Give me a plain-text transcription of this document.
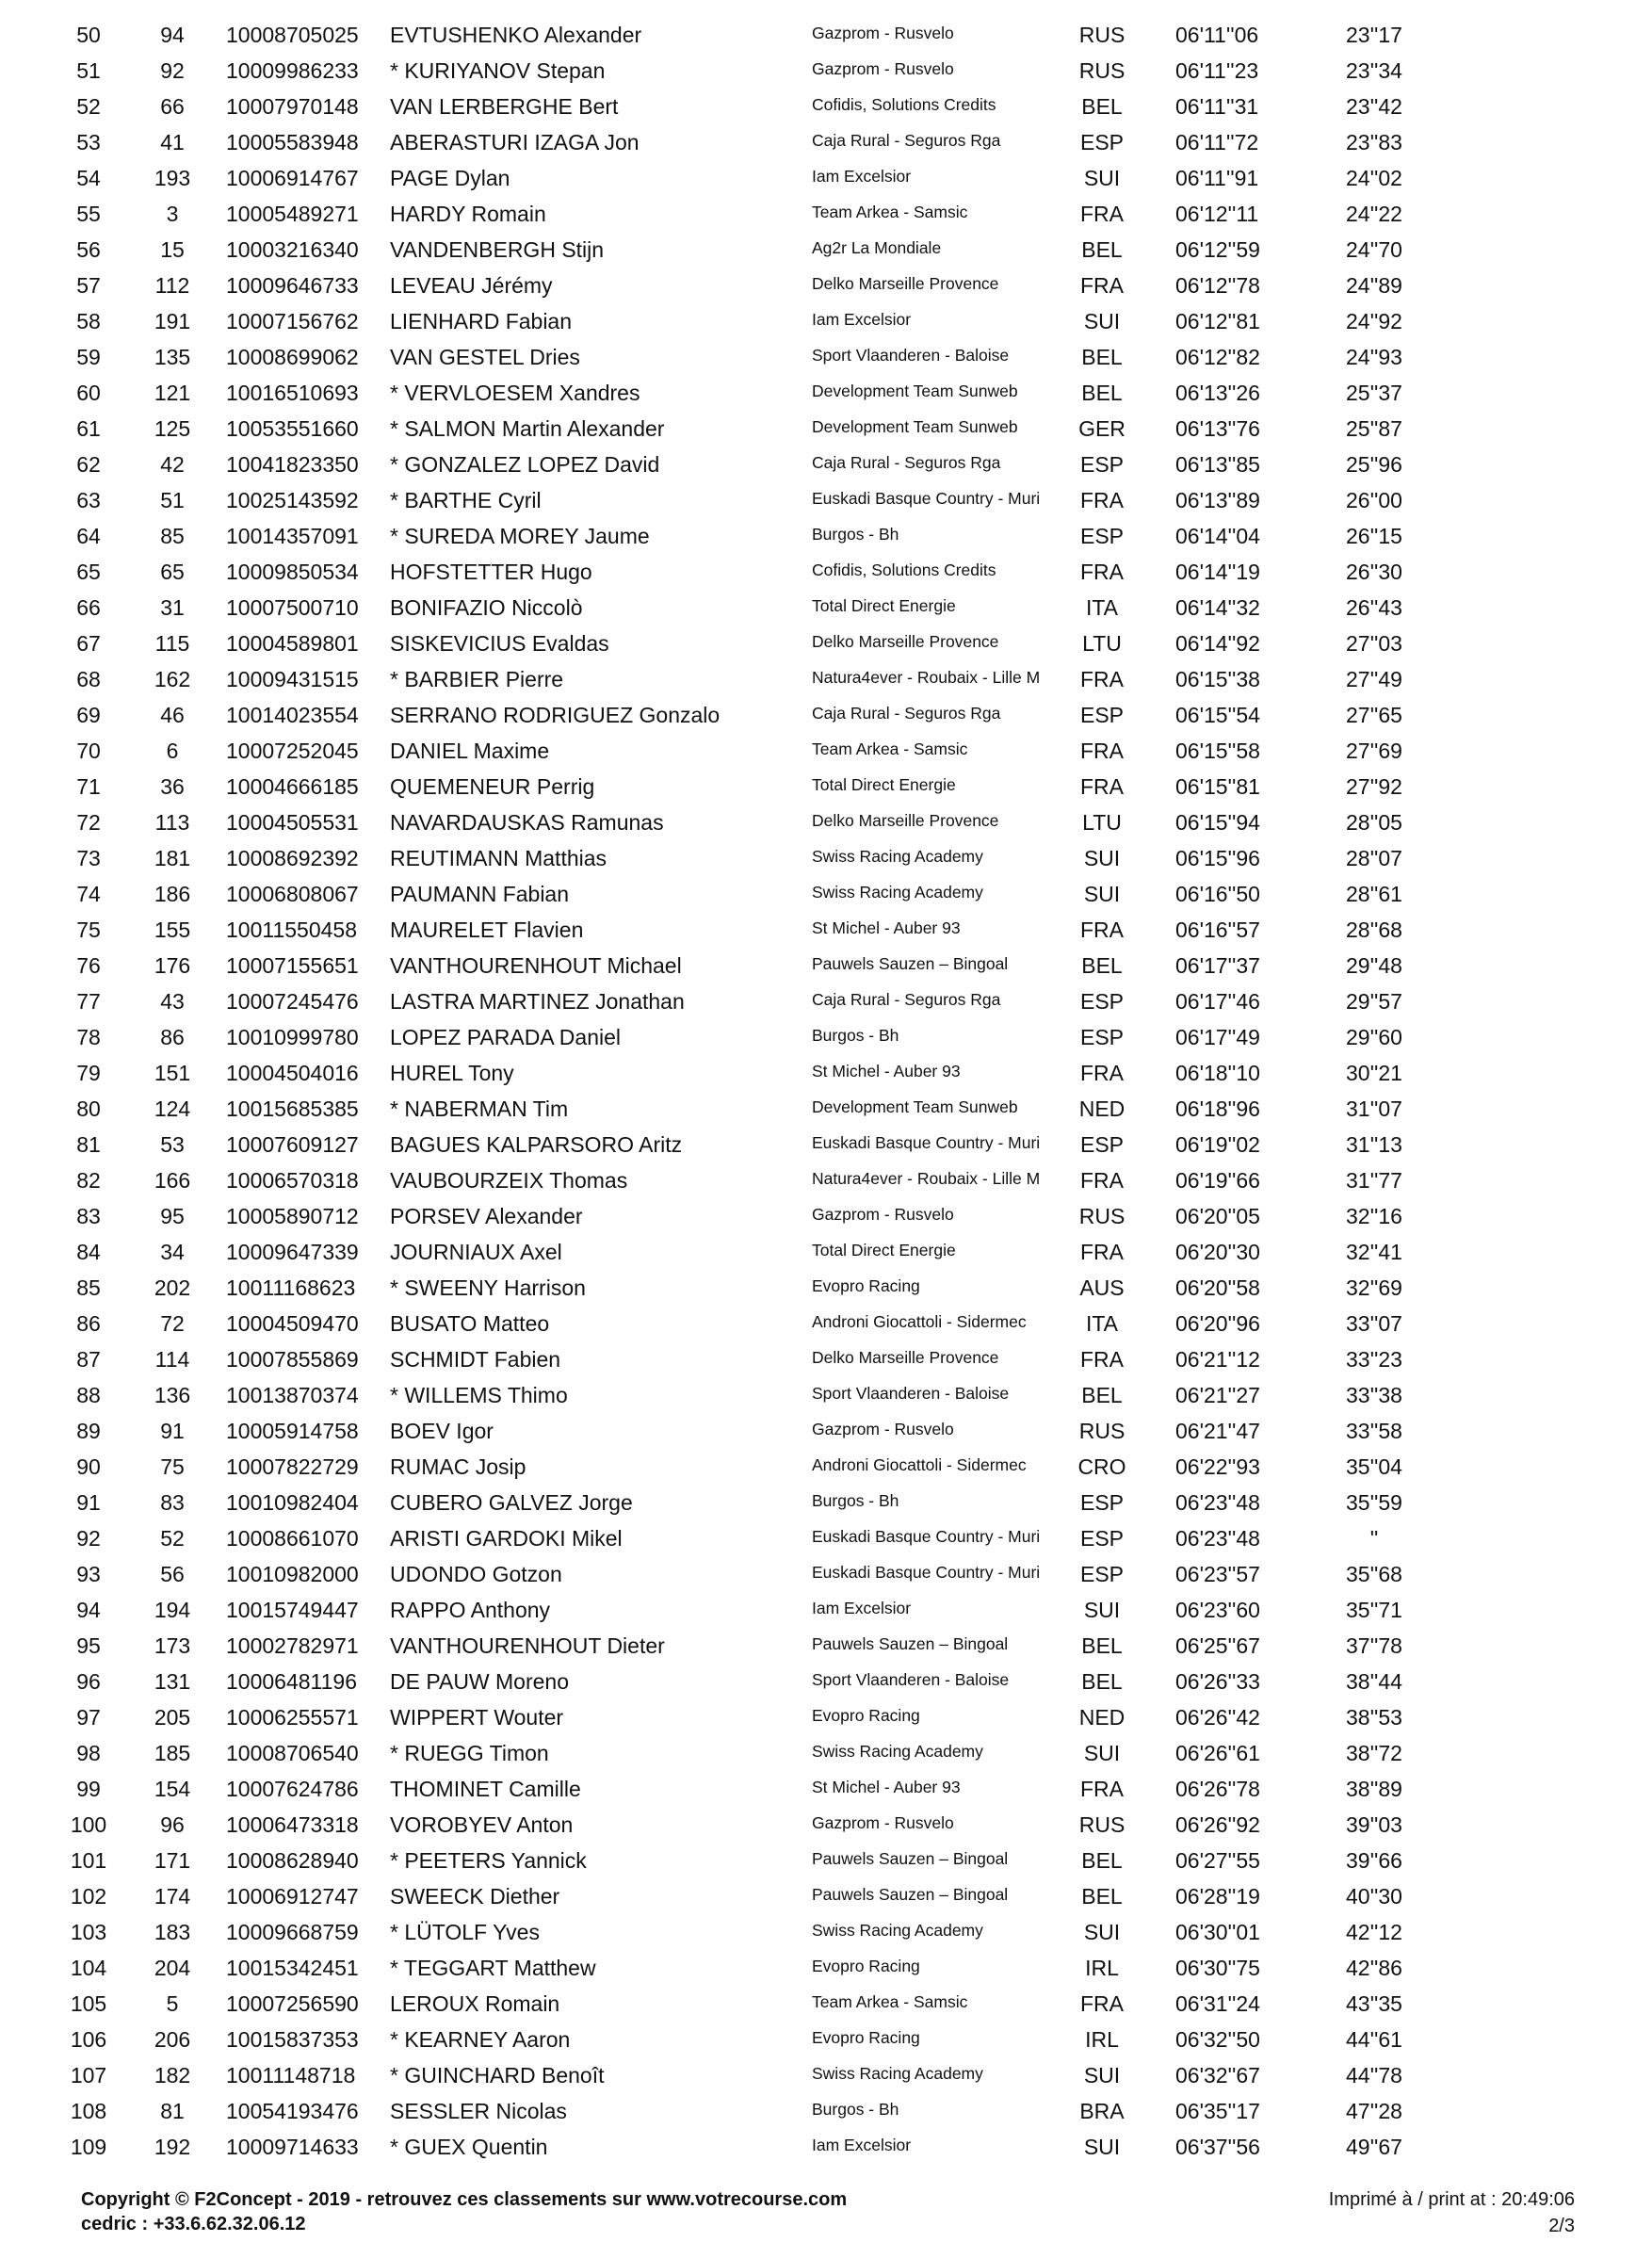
50	94	10008705025 EVTUSHENKO Alexander	Gazprom - Rusvelo	RUS	06'11''06	23''17
51	92	10009986233 * KURIYANOV Stepan	Gazprom - Rusvelo	RUS	06'11''23	23''34
52	66	10007970148 VAN LERBERGHE Bert	Cofidis, Solutions Credits	BEL	06'11''31	23''42
53	41	10005583948 ABERASTURI IZAGA Jon	Caja Rural - Seguros Rga	ESP	06'11''72	23''83
54	193	10006914767 PAGE Dylan	Iam Excelsior	SUI	06'11''91	24''02
55	3	10005489271 HARDY Romain	Team Arkea - Samsic	FRA	06'12''11	24''22
56	15	10003216340 VANDENBERGH Stijn	Ag2r La Mondiale	BEL	06'12''59	24''70
57	112	10009646733 LEVEAU Jérémy	Delko Marseille Provence	FRA	06'12''78	24''89
58	191	10007156762 LIENHARD Fabian	Iam Excelsior	SUI	06'12''81	24''92
59	135	10008699062 VAN GESTEL Dries	Sport Vlaanderen - Baloise	BEL	06'12''82	24''93
60	121	10016510693 * VERVLOESEM Xandres	Development Team Sunweb	BEL	06'13''26	25''37
61	125	10053551660 * SALMON Martin Alexander	Development Team Sunweb	GER	06'13''76	25''87
62	42	10041823350 * GONZALEZ LOPEZ David	Caja Rural - Seguros Rga	ESP	06'13''85	25''96
63	51	10025143592 * BARTHE Cyril	Euskadi Basque Country - Muri	FRA	06'13''89	26''00
64	85	10014357091 * SUREDA MOREY Jaume	Burgos - Bh	ESP	06'14''04	26''15
65	65	10009850534 HOFSTETTER Hugo	Cofidis, Solutions Credits	FRA	06'14''19	26''30
66	31	10007500710 BONIFAZIO Niccolò	Total Direct Energie	ITA	06'14''32	26''43
67	115	10004589801 SISKEVICIUS Evaldas	Delko Marseille Provence	LTU	06'14''92	27''03
68	162	10009431515 * BARBIER Pierre	Natura4ever - Roubaix - Lille M	FRA	06'15''38	27''49
69	46	10014023554 SERRANO RODRIGUEZ Gonzalo	Caja Rural - Seguros Rga	ESP	06'15''54	27''65
70	6	10007252045 DANIEL Maxime	Team Arkea - Samsic	FRA	06'15''58	27''69
71	36	10004666185 QUEMENEUR Perrig	Total Direct Energie	FRA	06'15''81	27''92
72	113	10004505531 NAVARDAUSKAS Ramunas	Delko Marseille Provence	LTU	06'15''94	28''05
73	181	10008692392 REUTIMANN Matthias	Swiss Racing Academy	SUI	06'15''96	28''07
74	186	10006808067 PAUMANN Fabian	Swiss Racing Academy	SUI	06'16''50	28''61
75	155	10011550458 MAURELET Flavien	St Michel - Auber 93	FRA	06'16''57	28''68
76	176	10007155651 VANTHOURENHOUT Michael	Pauwels Sauzen – Bingoal	BEL	06'17''37	29''48
77	43	10007245476 LASTRA MARTINEZ Jonathan	Caja Rural - Seguros Rga	ESP	06'17''46	29''57
78	86	10010999780 LOPEZ PARADA Daniel	Burgos - Bh	ESP	06'17''49	29''60
79	151	10004504016 HUREL Tony	St Michel - Auber 93	FRA	06'18''10	30''21
80	124	10015685385 * NABERMAN Tim	Development Team Sunweb	NED	06'18''96	31''07
81	53	10007609127 BAGUES KALPARSORO Aritz	Euskadi Basque Country - Muri	ESP	06'19''02	31''13
82	166	10006570318 VAUBOURZEIX Thomas	Natura4ever - Roubaix - Lille M	FRA	06'19''66	31''77
83	95	10005890712 PORSEV Alexander	Gazprom - Rusvelo	RUS	06'20''05	32''16
84	34	10009647339 JOURNIAUX Axel	Total Direct Energie	FRA	06'20''30	32''41
85	202	10011168623 * SWEENY Harrison	Evopro Racing	AUS	06'20''58	32''69
86	72	10004509470 BUSATO Matteo	Androni Giocattoli - Sidermec	ITA	06'20''96	33''07
87	114	10007855869 SCHMIDT Fabien	Delko Marseille Provence	FRA	06'21''12	33''23
88	136	10013870374 * WILLEMS Thimo	Sport Vlaanderen - Baloise	BEL	06'21''27	33''38
89	91	10005914758 BOEV Igor	Gazprom - Rusvelo	RUS	06'21''47	33''58
90	75	10007822729 RUMAC Josip	Androni Giocattoli - Sidermec	CRO	06'22''93	35''04
91	83	10010982404 CUBERO GALVEZ Jorge	Burgos - Bh	ESP	06'23''48	35''59
92	52	10008661070 ARISTI GARDOKI Mikel	Euskadi Basque Country - Muri	ESP	06'23''48	''
93	56	10010982000 UDONDO Gotzon	Euskadi Basque Country - Muri	ESP	06'23''57	35''68
94	194	10015749447 RAPPO Anthony	Iam Excelsior	SUI	06'23''60	35''71
95	173	10002782971 VANTHOURENHOUT Dieter	Pauwels Sauzen – Bingoal	BEL	06'25''67	37''78
96	131	10006481196 DE PAUW Moreno	Sport Vlaanderen - Baloise	BEL	06'26''33	38''44
97	205	10006255571 WIPPERT Wouter	Evopro Racing	NED	06'26''42	38''53
98	185	10008706540 * RUEGG Timon	Swiss Racing Academy	SUI	06'26''61	38''72
99	154	10007624786 THOMINET Camille	St Michel - Auber 93	FRA	06'26''78	38''89
100	96	10006473318 VOROBYEV Anton	Gazprom - Rusvelo	RUS	06'26''92	39''03
101	171	10008628940 * PEETERS Yannick	Pauwels Sauzen – Bingoal	BEL	06'27''55	39''66
102	174	10006912747 SWEECK Diether	Pauwels Sauzen – Bingoal	BEL	06'28''19	40''30
103	183	10009668759 * LÜTOLF Yves	Swiss Racing Academy	SUI	06'30''01	42''12
104	204	10015342451 * TEGGART Matthew	Evopro Racing	IRL	06'30''75	42''86
105	5	10007256590 LEROUX Romain	Team Arkea - Samsic	FRA	06'31''24	43''35
106	206	10015837353 * KEARNEY Aaron	Evopro Racing	IRL	06'32''50	44''61
107	182	10011148718 * GUINCHARD Benoît	Swiss Racing Academy	SUI	06'32''67	44''78
108	81	10054193476 SESSLER Nicolas	Burgos - Bh	BRA	06'35''17	47''28
109	192	10009714633 * GUEX Quentin	Iam Excelsior	SUI	06'37''56	49''67
Copyright © F2Concept - 2019 - retrouvez ces classements sur www.votrecourse.com
cedric : +33.6.62.32.06.12
Imprimé à / print at : 20:49:06
2/3
